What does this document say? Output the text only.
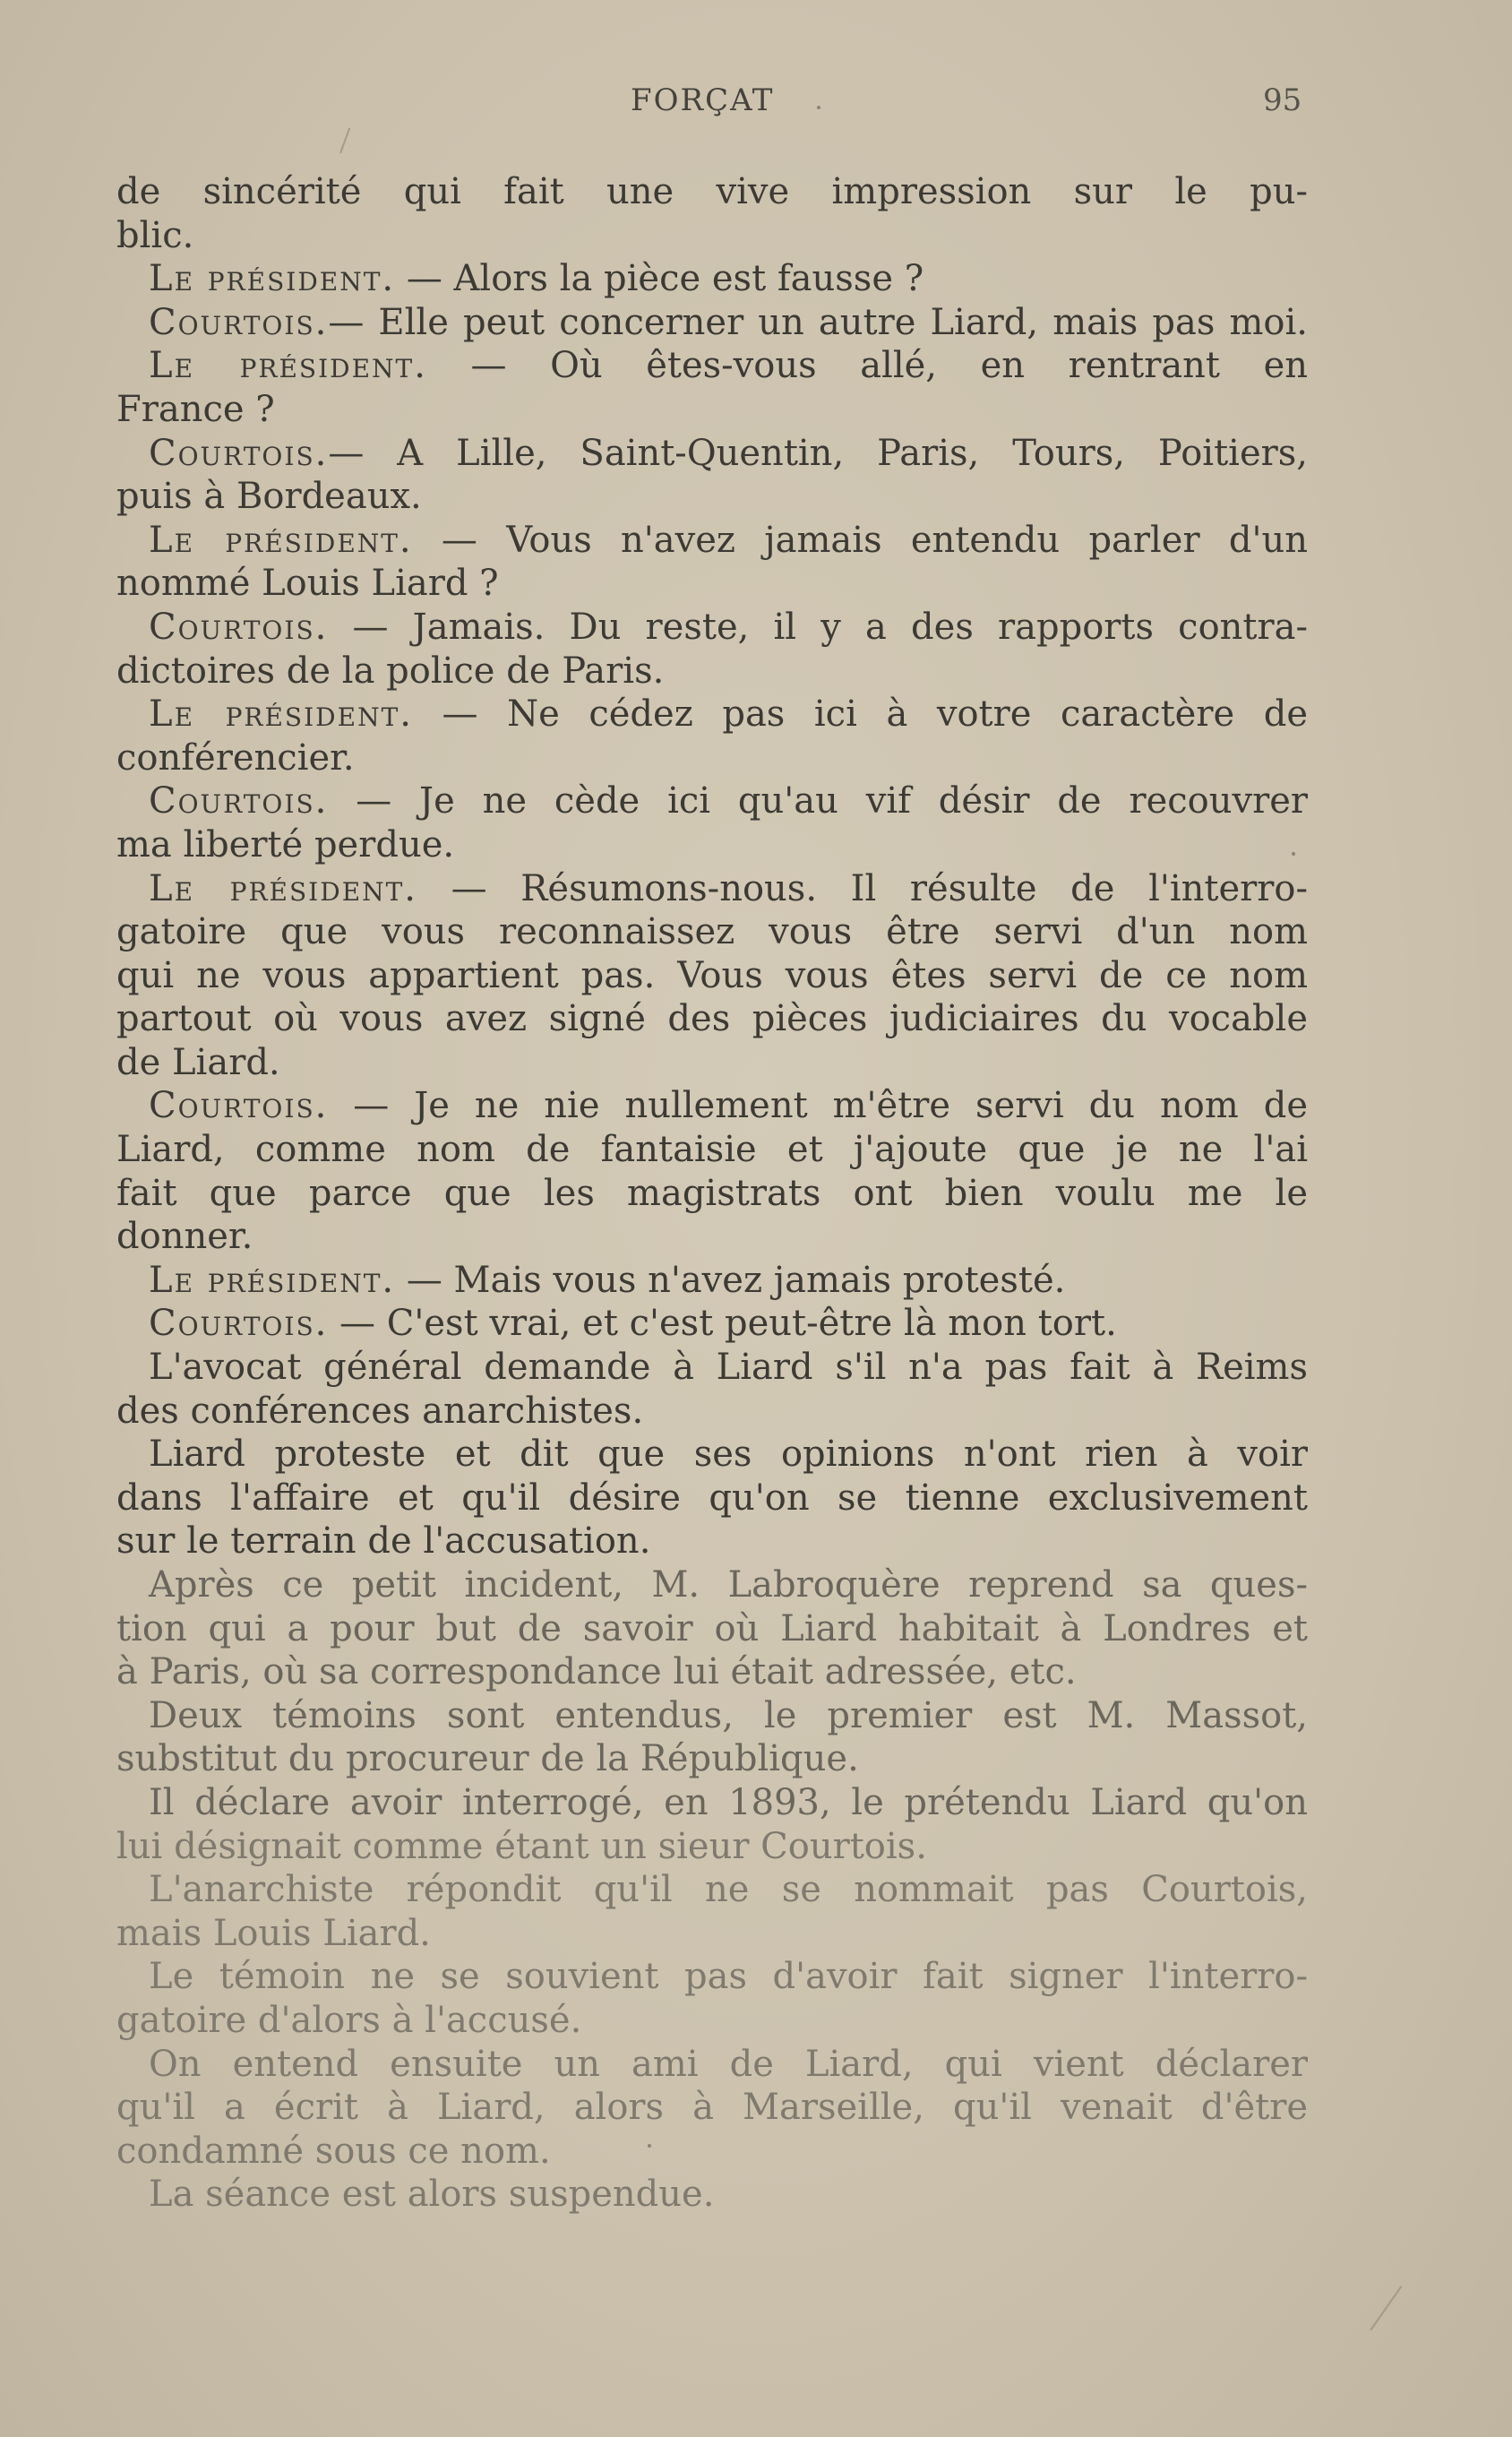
FORÇAT	95
de sincérité qui fait une vive impression sur le pu-
blic.
Le président. — Alors la pièce est fausse ?
Courtois.— Elle peut concerner un autre Liard, mais pas moi.
Le président. — Où êtes-vous allé, en rentrant en
France ?
Courtois.— A Lille, Saint-Quentin, Paris, Tours, Poitiers,
puis à Bordeaux.
Le président. — Vous n'avez jamais entendu parler d'un
nommé Louis Liard ?
Courtois. — Jamais. Du reste, il y a des rapports contra-
dictoires de la police de Paris.
Le président. — Ne cédez pas ici à votre caractère de
conférencier.
Courtois. — Je ne cède ici qu'au vif désir de recouvrer
ma liberté perdue.
Le président. — Résumons-nous. Il résulte de l'interro-
gatoire que vous reconnaissez vous être servi d'un nom
qui ne vous appartient pas. Vous vous êtes servi de ce nom
partout où vous avez signé des pièces judiciaires du vocable
de Liard.
Courtois. — Je ne nie nullement m'être servi du nom de
Liard, comme nom de fantaisie et j'ajoute que je ne l'ai
fait que parce que les magistrats ont bien voulu me le
donner.
Le président. — Mais vous n'avez jamais protesté.
Courtois. — C'est vrai, et c'est peut-être là mon tort.
L'avocat général demande à Liard s'il n'a pas fait à Reims
des conférences anarchistes.
Liard proteste et dit que ses opinions n'ont rien à voir
dans l'affaire et qu'il désire qu'on se tienne exclusivement
sur le terrain de l'accusation.
Après ce petit incident, M. Labroquère reprend sa ques-
tion qui a pour but de savoir où Liard habitait à Londres et
à Paris, où sa correspondance lui était adressée, etc.
Deux témoins sont entendus, le premier est M. Massot,
substitut du procureur de la République.
Il déclare avoir interrogé, en 1893, le prétendu Liard qu'on
lui désignait comme étant un sieur Courtois.
L'anarchiste répondit qu'il ne se nommait pas Courtois,
mais Louis Liard.
Le témoin ne se souvient pas d'avoir fait signer l'interro-
gatoire d'alors à l'accusé.
On entend ensuite un ami de Liard, qui vient déclarer
qu'il a écrit à Liard, alors à Marseille, qu'il venait d'être
condamné sous ce nom.
La séance est alors suspendue.
